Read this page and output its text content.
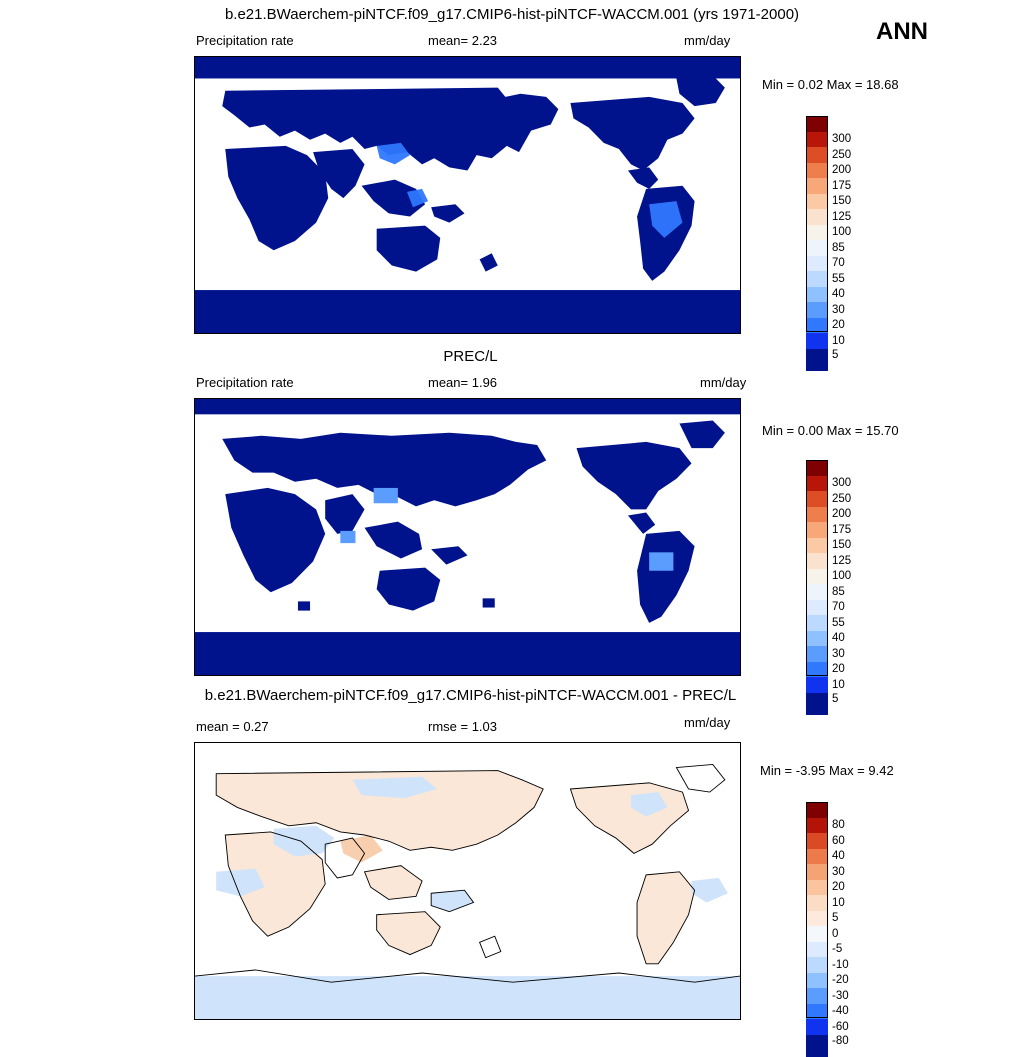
b.e21.BWaerchem-piNTCF.f09_g17.CMIP6-hist-piNTCF-WACCM.001 (yrs 1971-2000)
ANN
Precipitation rate	mean= 2.23	mm/day
Min = 0.02 Max = 18.68
300
250
200
175
150
125
100
85
70
55
40
30
20
10
5
PREC/L
Precipitation rate	mean= 1.96	mm/day
Min = 0.00 Max = 15.70
300
250
200
175
150
125
100
85
70
55
40
30
20
10
5
b.e21.BWaerchem-piNTCF.f09_g17.CMIP6-hist-piNTCF-WACCM.001 - PREC/L
mean = 0.27	rmse = 1.03	mm/day
Min = -3.95 Max = 9.42
80
60
40
30
20
10
5
0
-5
-10
-20
-30
-40
-60
-80
